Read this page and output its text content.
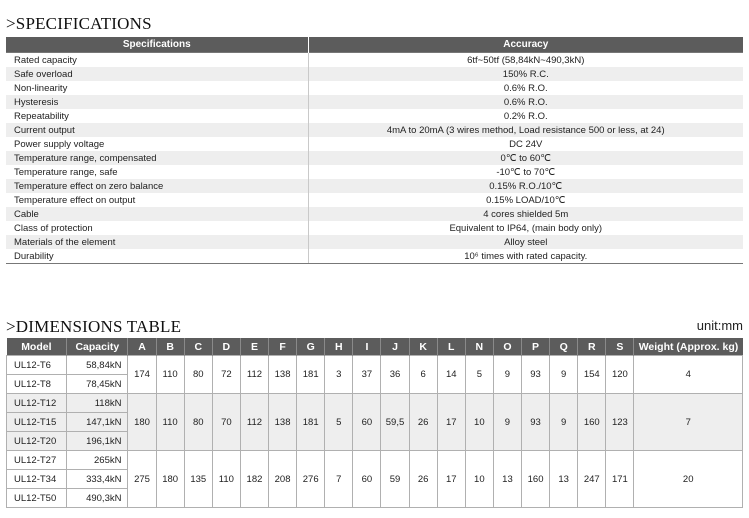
>SPECIFICATIONS
Specifications	Accuracy
Rated capacity	6tf~50tf (58,84kN~490,3kN)
Safe overload	150% R.C.
Non-linearity	0.6% R.O.
Hysteresis	0.6% R.O.
Repeatability	0.2% R.O.
Current output	4mA to 20mA (3 wires method, Load resistance 500 or less, at 24)
Power supply voltage	DC 24V
Temperature range, compensated	0℃ to 60℃
Temperature range, safe	-10℃ to 70℃
Temperature effect on zero balance	0.15% R.O./10℃
Temperature effect on output	0.15% LOAD/10℃
Cable	4 cores shielded 5m
Class of protection	Equivalent to IP64, (main body only)
Materials of the element	Alloy steel
Durability	10⁶ times with rated capacity.
>DIMENSIONS TABLE	unit:mm
Model	Capacity	A	B	C	D	E	F	G	H	I	J	K	L	N	O	P	Q	R	S	Weight (Approx. kg)
UL12-T6	58,84kN	174	110	80	72	112	138	181	3	37	36	6	14	5	9	93	9	154	120	4
UL12-T8	78,45kN																			
UL12-T12	118kN	180	110	80	70	112	138	181	5	60	59,5	26	17	10	9	93	9	160	123	7
UL12-T15	147,1kN																			
UL12-T20	196,1kN																			
UL12-T27	265kN	275	180	135	110	182	208	276	7	60	59	26	17	10	13	160	13	247	171	20
UL12-T34	333,4kN																			
UL12-T50	490,3kN																			
